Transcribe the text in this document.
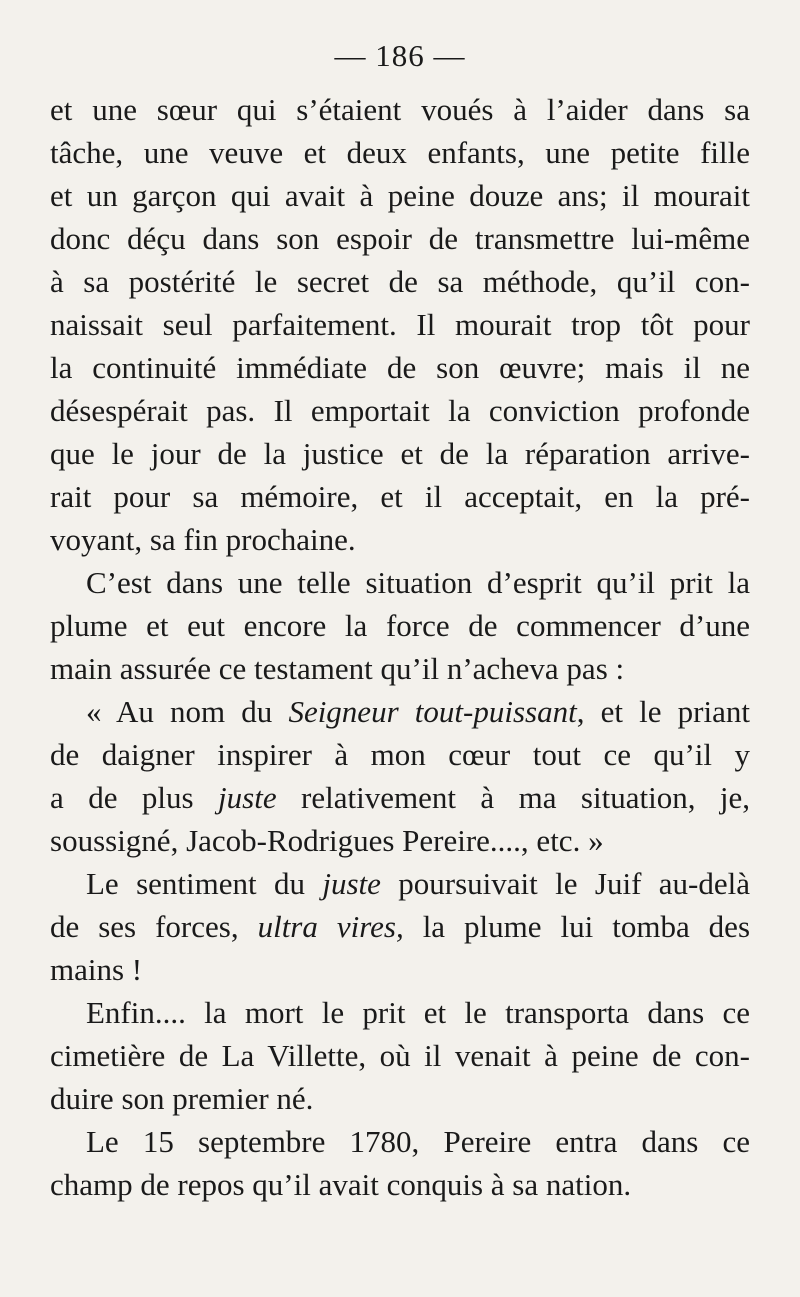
— 186 —
et une sœur qui s’étaient voués à l’aider dans sa
tâche, une veuve et deux enfants, une petite fille
et un garçon qui avait à peine douze ans; il mourait
donc déçu dans son espoir de transmettre lui-même
à sa postérité le secret de sa méthode, qu’il con-
naissait seul parfaitement. Il mourait trop tôt pour
la continuité immédiate de son œuvre; mais il ne
désespérait pas. Il emportait la conviction profonde
que le jour de la justice et de la réparation arrive-
rait pour sa mémoire, et il acceptait, en la pré-
voyant, sa fin prochaine.
C’est dans une telle situation d’esprit qu’il prit la
plume et eut encore la force de commencer d’une
main assurée ce testament qu’il n’acheva pas :
« Au nom du Seigneur tout-puissant, et le priant
de daigner inspirer à mon cœur tout ce qu’il y
a de plus juste relativement à ma situation, je,
soussigné, Jacob-Rodrigues Pereire...., etc. »
Le sentiment du juste poursuivait le Juif au-delà
de ses forces, ultra vires, la plume lui tomba des
mains !
Enfin.... la mort le prit et le transporta dans ce
cimetière de La Villette, où il venait à peine de con-
duire son premier né.
Le 15 septembre 1780, Pereire entra dans ce
champ de repos qu’il avait conquis à sa nation.
